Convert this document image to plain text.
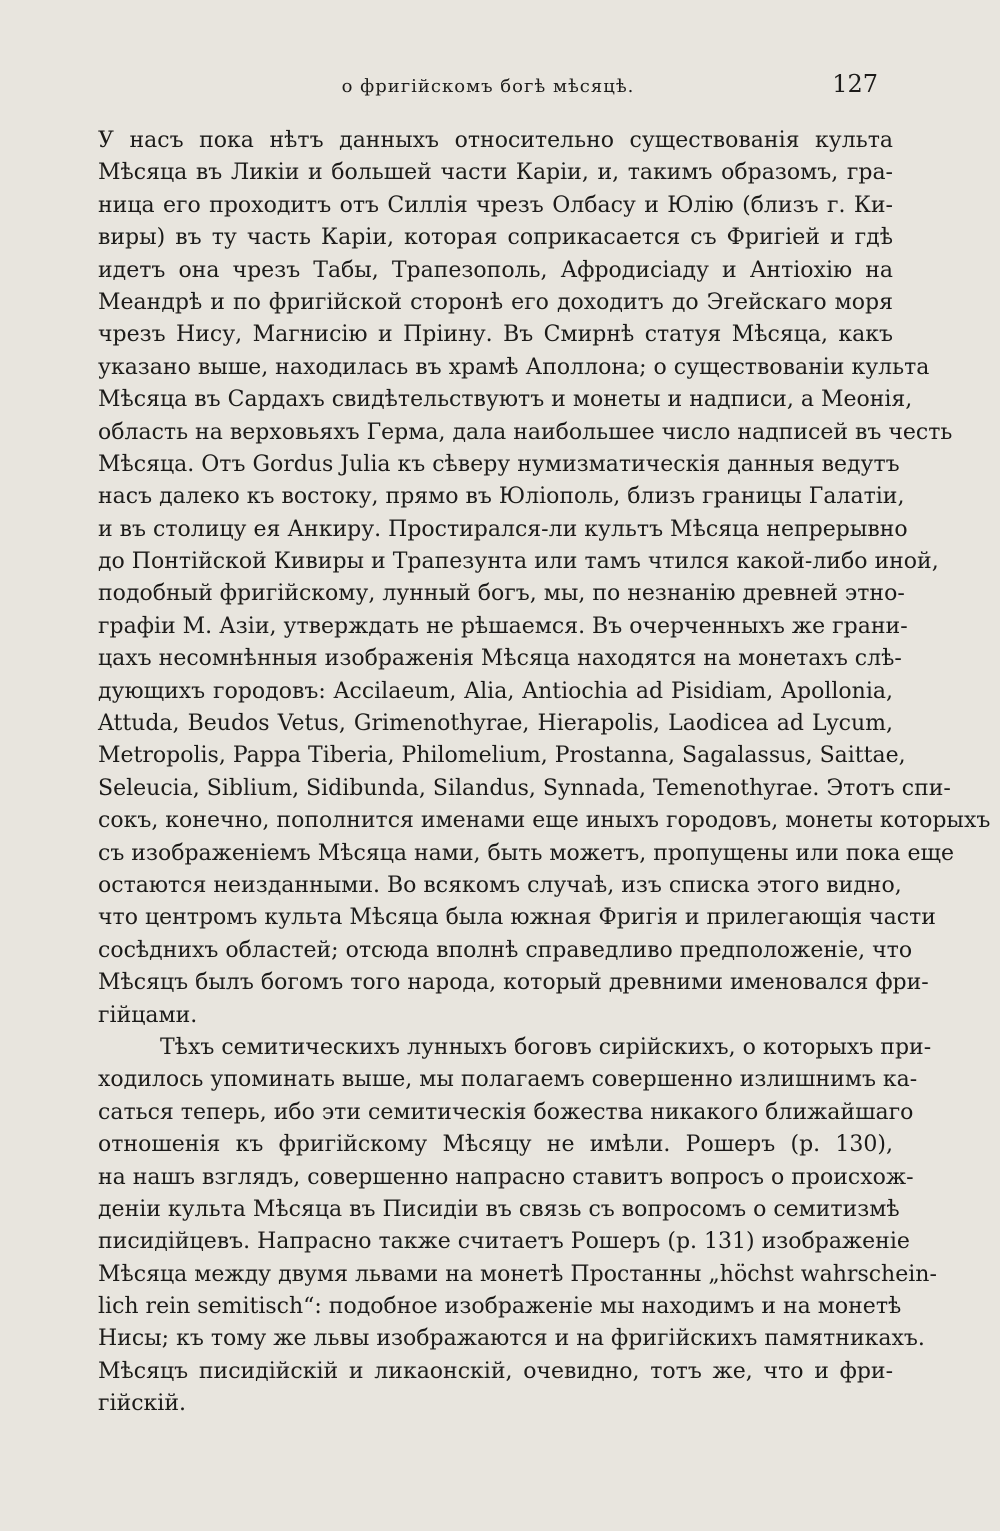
о фригійскомъ богѣ мѣсяцѣ.	127
У насъ пока нѣтъ данныхъ относительно существованія культа
Мѣсяца въ Ликіи и большей части Каріи, и, такимъ образомъ, гра-
ница его проходитъ отъ Силлія чрезъ Олбасу и Юлію (близъ г. Ки-
виры) въ ту часть Каріи, которая соприкасается съ Фригіей и гдѣ
идетъ она чрезъ Табы, Трапезополь, Афродисіаду и Антіохію на
Меандрѣ и по фригійской сторонѣ его доходитъ до Эгейскаго моря
чрезъ Нису, Магнисію и Пріину. Въ Смирнѣ статуя Мѣсяца, какъ
указано выше, находилась въ храмѣ Аполлона; о существованіи культа
Мѣсяца въ Сардахъ свидѣтельствуютъ и монеты и надписи, а Меонія,
область на верховьяхъ Герма, дала наибольшее число надписей въ честь
Мѣсяца. Отъ Gordus Julia къ сѣверу нумизматическія данныя ведутъ
насъ далеко къ востоку, прямо въ Юліополь, близъ границы Галатіи,
и въ столицу ея Анкиру. Простирался-ли культъ Мѣсяца непрерывно
до Понтійской Кивиры и Трапезунта или тамъ чтился какой-либо иной,
подобный фригійскому, лунный богъ, мы, по незнанію древней этно-
графіи М. Азіи, утверждать не рѣшаемся. Въ очерченныхъ же грани-
цахъ несомнѣнныя изображенія Мѣсяца находятся на монетахъ слѣ-
дующихъ городовъ: Accilaeum, Alia, Antiochia ad Pisidiam, Apollonia,
Attuda, Beudos Vetus, Grimenothyrae, Hierapolis, Laodicea ad Lycum,
Metropolis, Pappa Tiberia, Philomelium, Prostanna, Sagalassus, Saittae,
Seleucia, Siblium, Sidibunda, Silandus, Synnada, Temenothyrae. Этотъ спи-
сокъ, конечно, пополнится именами еще иныхъ городовъ, монеты которыхъ
съ изображеніемъ Мѣсяца нами, быть можетъ, пропущены или пока еще
остаются неизданными. Во всякомъ случаѣ, изъ списка этого видно,
что центромъ культа Мѣсяца была южная Фригія и прилегающія части
сосѣднихъ областей; отсюда вполнѣ справедливо предположеніе, что
Мѣсяцъ былъ богомъ того народа, который древними именовался фри-
гійцами.
Тѣхъ семитическихъ лунныхъ боговъ сирійскихъ, о которыхъ при-
ходилось упоминать выше, мы полагаемъ совершенно излишнимъ ка-
саться теперь, ибо эти семитическія божества никакого ближайшаго
отношенія къ фригійскому Мѣсяцу не имѣли. Рошеръ (р. 130),
на нашъ взглядъ, совершенно напрасно ставитъ вопросъ о происхож-
деніи культа Мѣсяца въ Писидіи въ связь съ вопросомъ о семитизмѣ
писидійцевъ. Напрасно также считаетъ Рошеръ (р. 131) изображеніе
Мѣсяца между двумя львами на монетѣ Простанны „höchst wahrschein-
lich rein semitisch“: подобное изображеніе мы находимъ и на монетѣ
Нисы; къ тому же львы изображаются и на фригійскихъ памятникахъ.
Мѣсяцъ писидійскій и ликаонскій, очевидно, тотъ же, что и фри-
гійскій.
